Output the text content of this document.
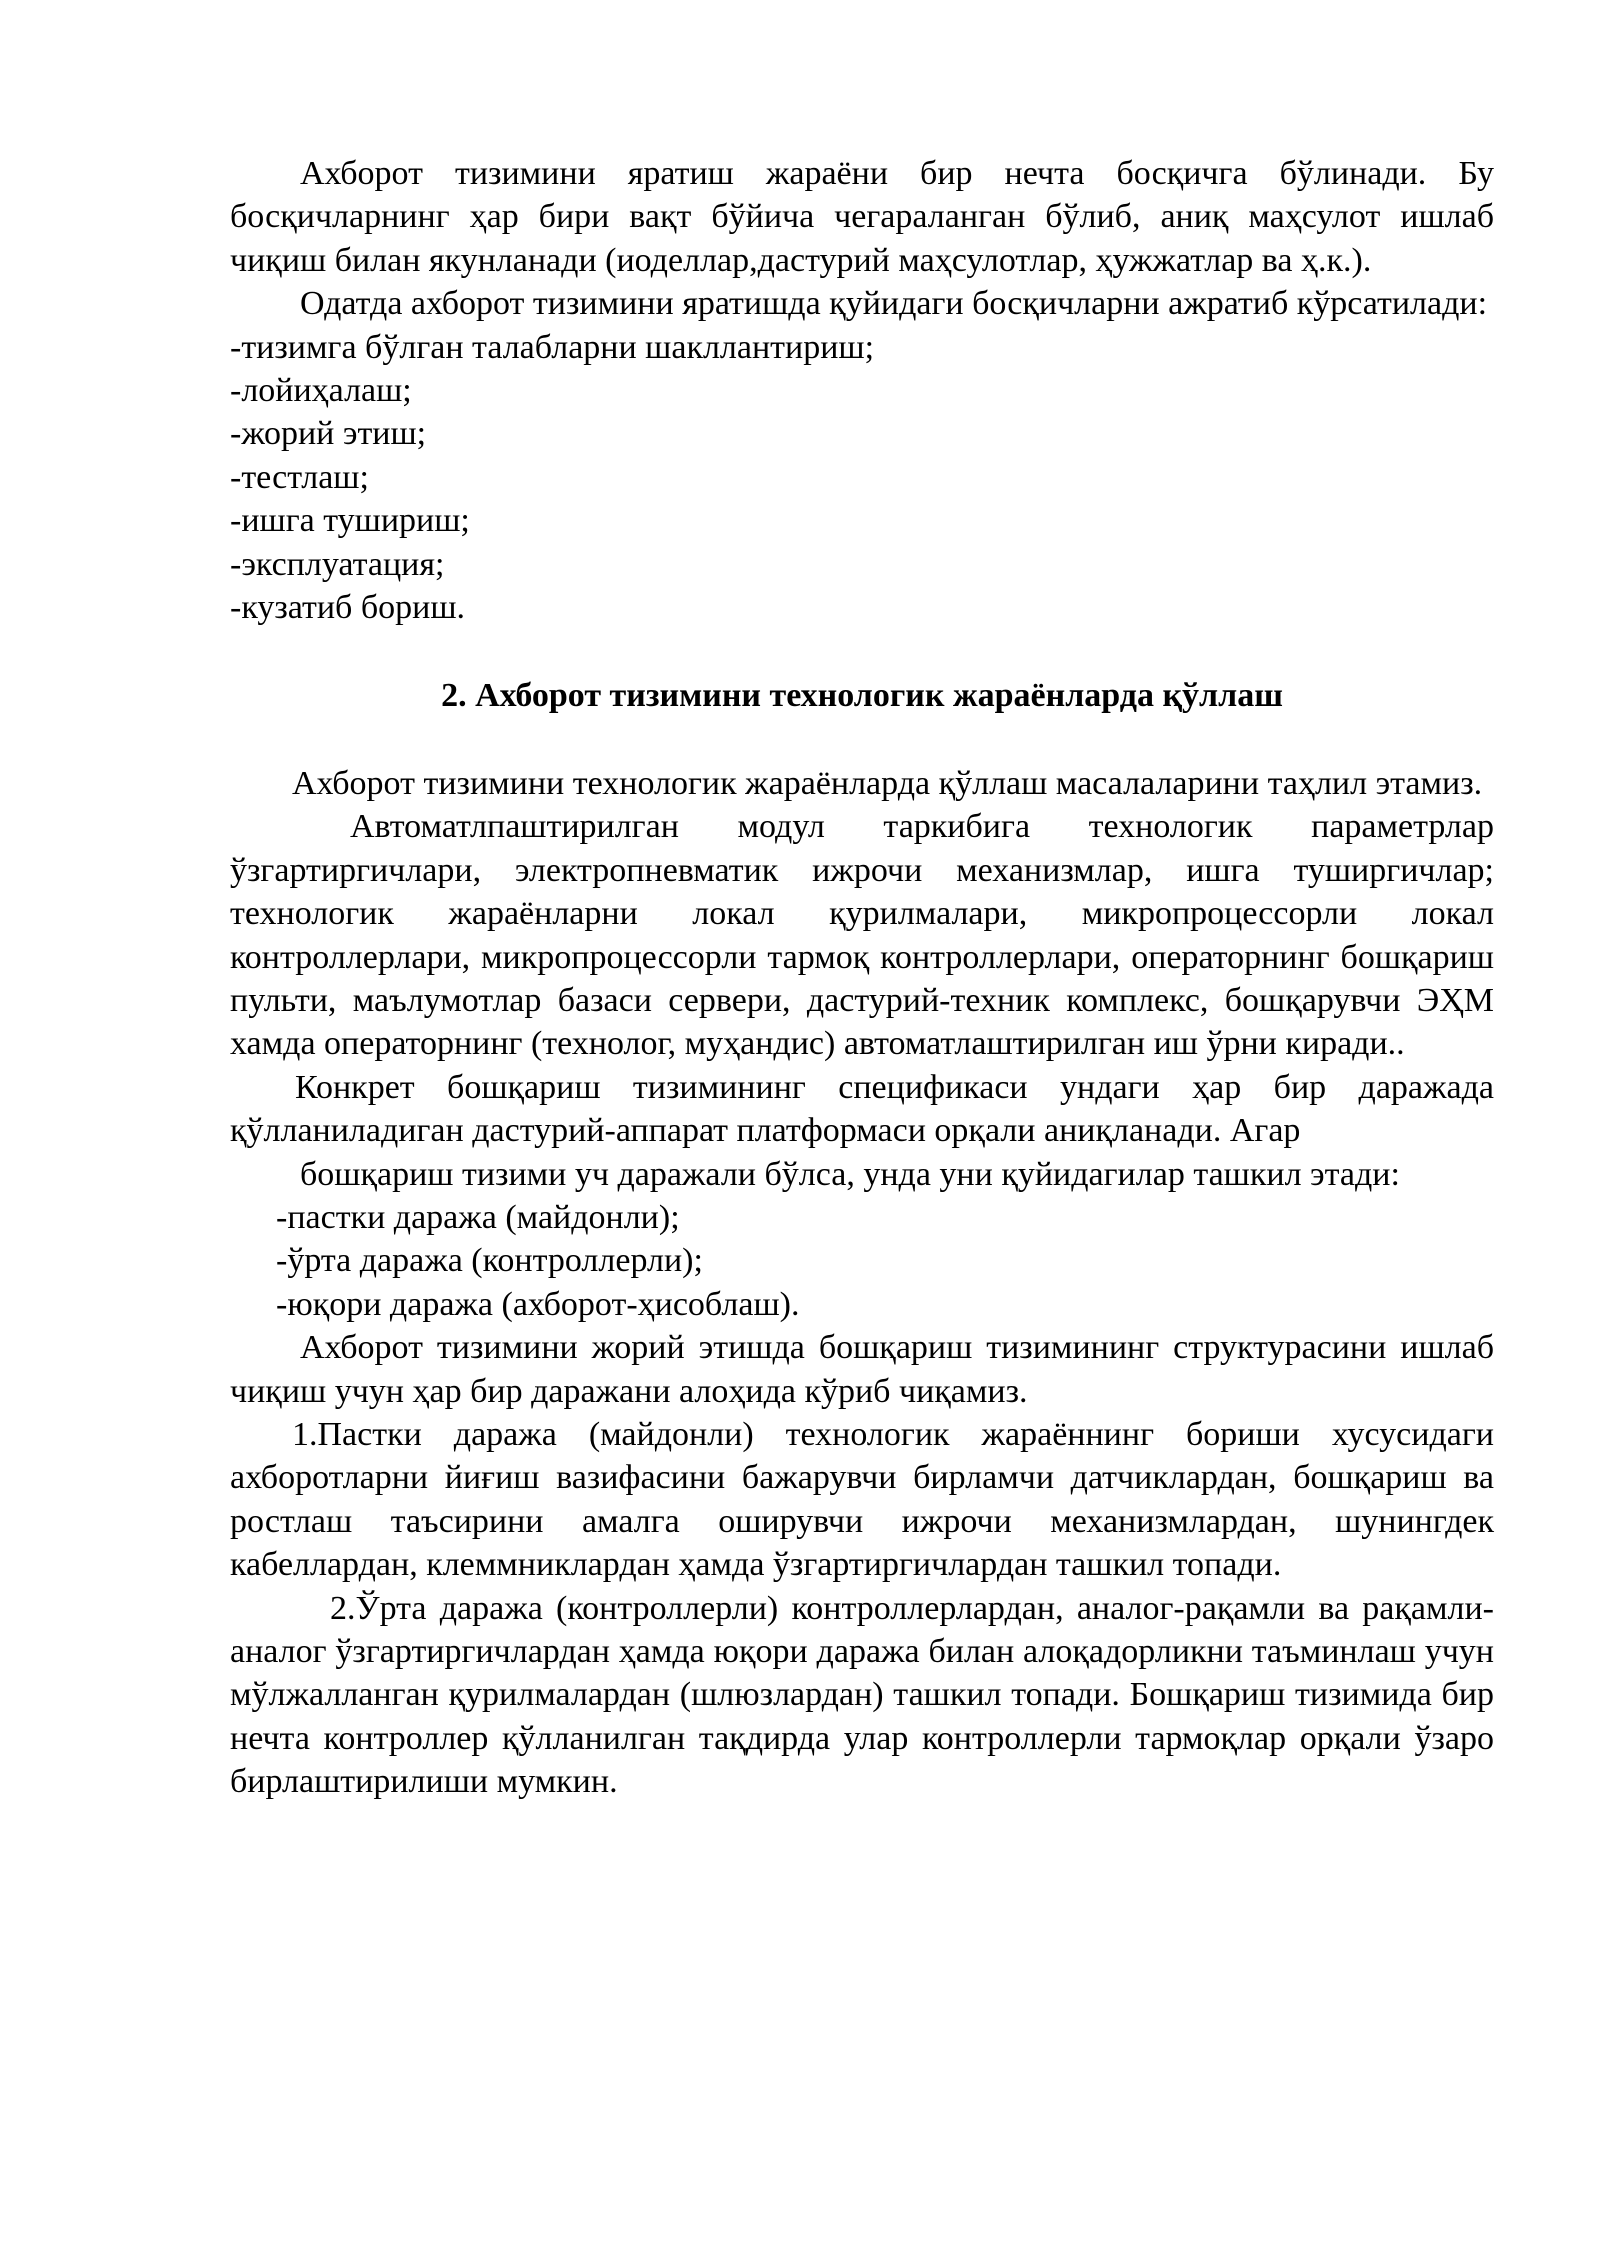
Ахборот тизимини яратиш жараёни бир нечта босқичга бўлинади. Бу босқичларнинг ҳар бири вақт бўйича чегараланган бўлиб, аниқ маҳсулот ишлаб чиқиш билан якунланади (иоделлар,дастурий маҳсулотлар, ҳужжатлар ва ҳ.к.).

Одатда ахборот тизимини яратишда қуйидаги босқичларни ажратиб кўрсатилади:

-тизимга бўлган талабларни шакллантириш;

-лойиҳалаш;

-жорий этиш;

-тестлаш;

-ишга тушириш;

-эксплуатация;

-кузатиб бориш.

2. Ахборот тизимини технологик жараёнларда қўллаш

Ахборот тизимини технологик жараёнларда қўллаш масалаларини таҳлил этамиз.

Автоматлпаштирилган модул таркибига технологик параметрлар ўзгартиргичлари, электропневматик ижрочи механизмлар, ишга туширгичлар; технологик жараёнларни локал қурилмалари, микропроцессорли локал контроллерлари, микропроцессорли тармоқ контроллерлари, операторнинг бошқариш пульти, маълумотлар базаси сервери, дастурий-техник комплекс, бошқарувчи ЭҲМ хамда операторнинг (технолог, муҳандис) автоматлаштирилган иш ўрни киради..

Конкрет бошқариш тизимининг спецификаси ундаги ҳар бир даражада қўлланиладиган дастурий-аппарат платформаси орқали аниқланади. Агар

бошқариш тизими уч даражали бўлса, унда уни қуйидагилар ташкил этади:

-пастки даража (майдонли);

-ўрта даража (контроллерли);

-юқори даража (ахборот-ҳисоблаш).

Ахборот тизимини жорий этишда бошқариш тизимининг структурасини ишлаб чиқиш учун ҳар бир даражани алоҳида кўриб чиқамиз.

1.Пастки даража (майдонли) технологик жараённинг бориши хусусидаги ахборотларни йиғиш вазифасини бажарувчи бирламчи датчиклардан, бошқариш ва ростлаш таъсирини амалга оширувчи ижрочи механизмлардан, шунингдек кабеллардан, клеммниклардан ҳамда ўзгартиргичлардан ташкил топади.

2.Ўрта даража (контроллерли) контроллерлардан, аналог-рақамли ва рақамли-аналог ўзгартиргичлардан ҳамда юқори даража билан алоқадорликни таъминлаш учун мўлжалланган қурилмалардан (шлюзлардан) ташкил топади. Бошқариш тизимида бир нечта контроллер қўлланилган тақдирда улар контроллерли тармоқлар орқали ўзаро бирлаштирилиши мумкин.
